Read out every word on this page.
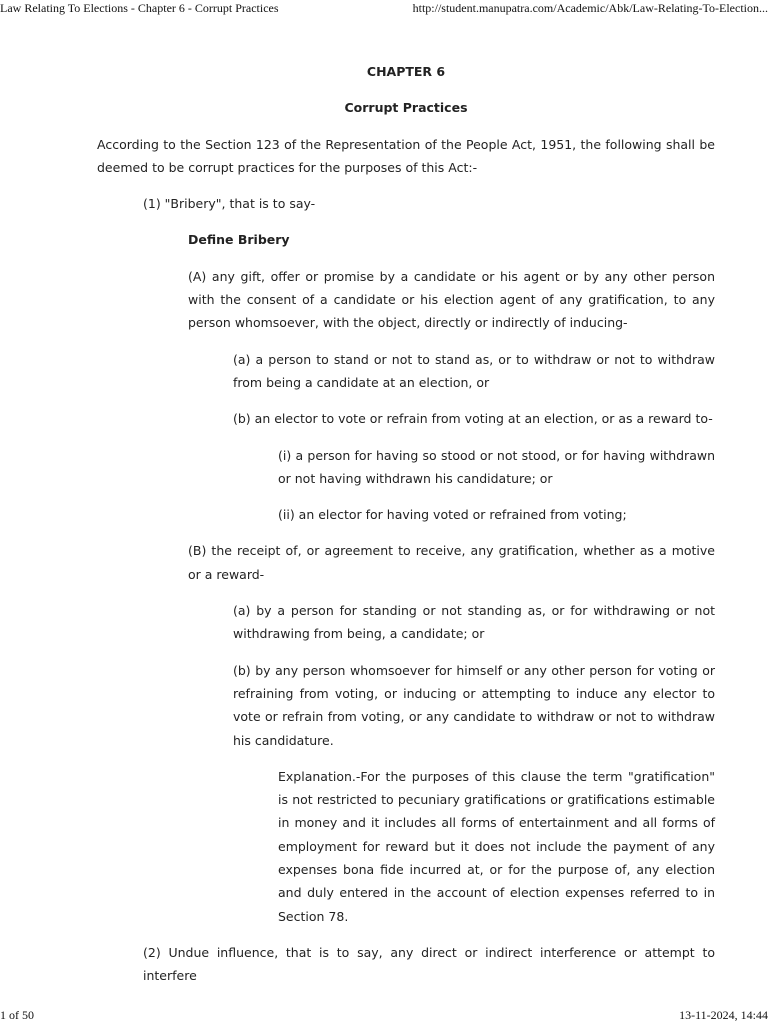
Law Relating To Elections - Chapter 6 - Corrupt Practices	http://student.manupatra.com/Academic/Abk/Law-Relating-To-Election...
CHAPTER 6
Corrupt Practices

According to the Section 123 of the Representation of the People Act, 1951, the following shall be deemed to be corrupt practices for the purposes of this Act:-

(1) "Bribery", that is to say-

Define Bribery

(A) any gift, offer or promise by a candidate or his agent or by any other person with the consent of a candidate or his election agent of any gratification, to any person whomsoever, with the object, directly or indirectly of inducing-

(a) a person to stand or not to stand as, or to withdraw or not to withdraw from being a candidate at an election, or

(b) an elector to vote or refrain from voting at an election, or as a reward to-

(i) a person for having so stood or not stood, or for having withdrawn or not having withdrawn his candidature; or

(ii) an elector for having voted or refrained from voting;

(B) the receipt of, or agreement to receive, any gratification, whether as a motive or a reward-

(a) by a person for standing or not standing as, or for withdrawing or not withdrawing from being, a candidate; or

(b) by any person whomsoever for himself or any other person for voting or refraining from voting, or inducing or attempting to induce any elector to vote or refrain from voting, or any candidate to withdraw or not to withdraw his candidature.

Explanation.-For the purposes of this clause the term "gratification" is not restricted to pecuniary gratifications or gratifications estimable in money and it includes all forms of entertainment and all forms of employment for reward but it does not include the payment of any expenses bona fide incurred at, or for the purpose of, any election and duly entered in the account of election expenses referred to in Section 78.

(2) Undue influence, that is to say, any direct or indirect interference or attempt to interfere

1 of 50	13-11-2024, 14:44
